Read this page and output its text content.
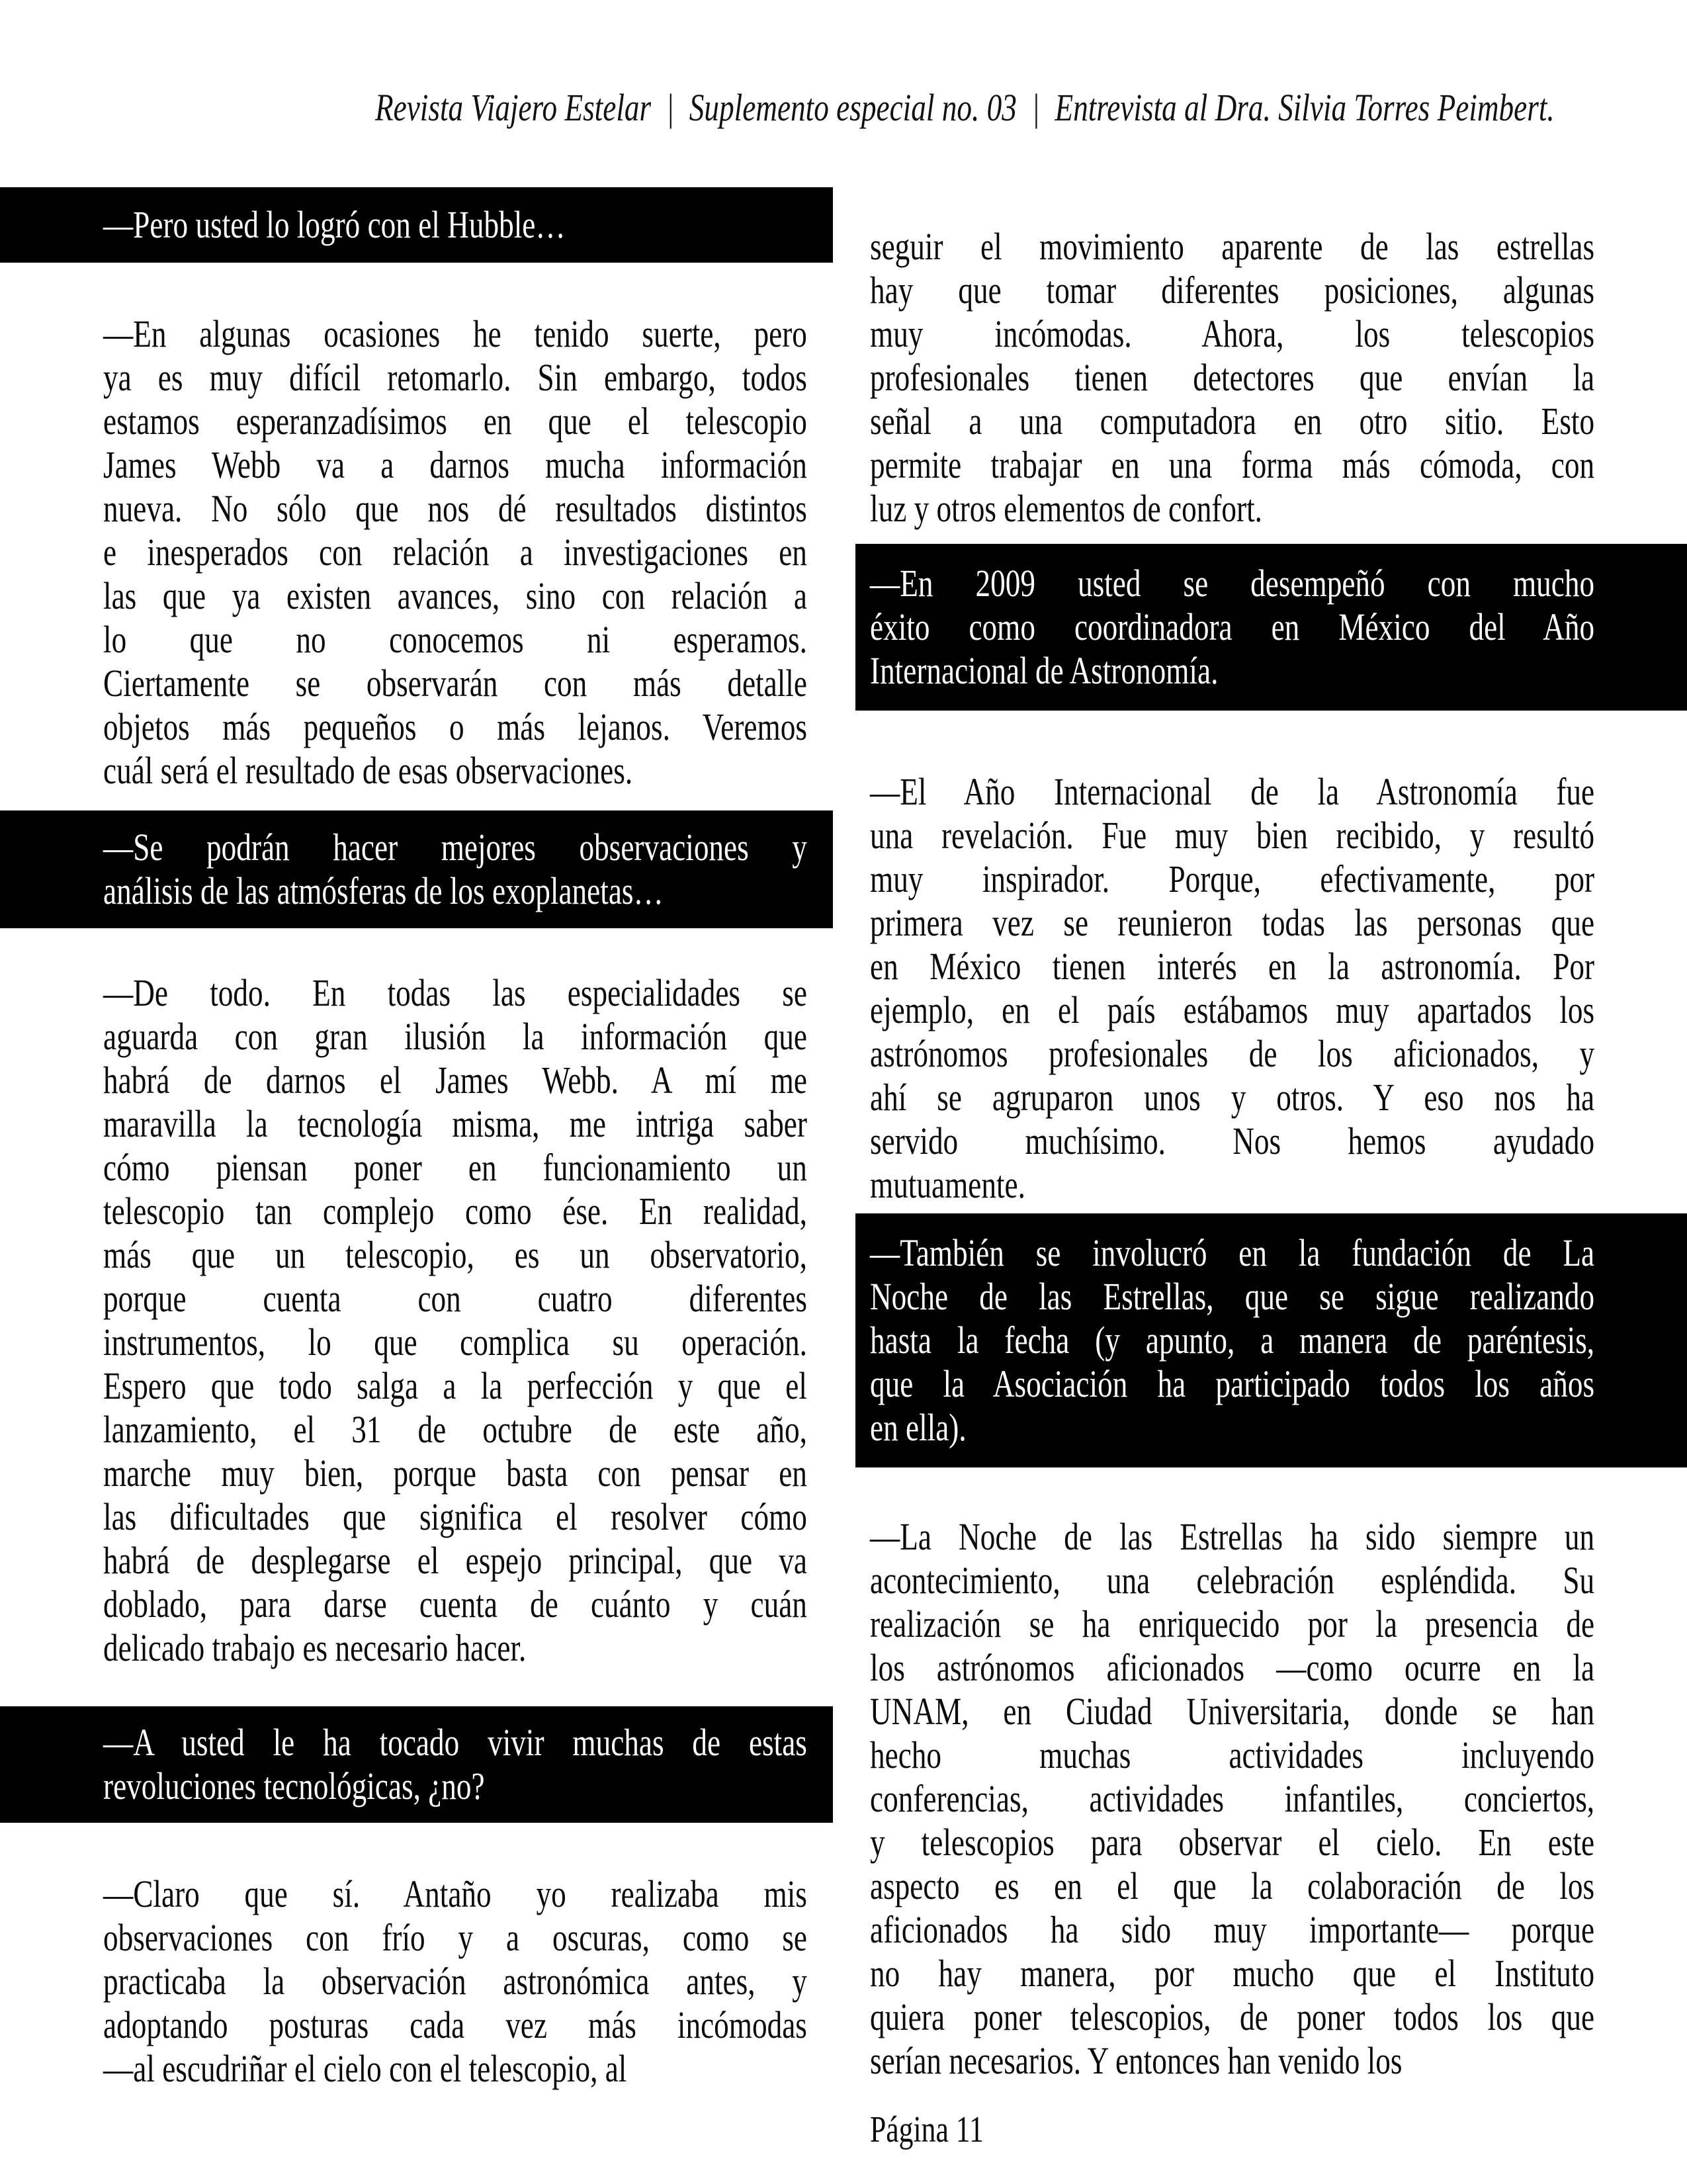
Revista Viajero Estelar  |  Suplemento especial no. 03  |  Entrevista al Dra. Silvia Torres Peimbert.
—Pero usted lo logró con el Hubble…
—En algunas ocasiones he tenido suerte, pero
ya es muy difícil retomarlo. Sin embargo, todos
estamos esperanzadísimos en que el telescopio
James Webb va a darnos mucha información
nueva. No sólo que nos dé resultados distintos
e inesperados con relación a investigaciones en
las que ya existen avances, sino con relación a
lo que no conocemos ni esperamos.
Ciertamente se observarán con más detalle
objetos más pequeños o más lejanos. Veremos
cuál será el resultado de esas observaciones.
—Se podrán hacer mejores observaciones y
análisis de las atmósferas de los exoplanetas…
—De todo. En todas las especialidades se
aguarda con gran ilusión la información que
habrá de darnos el James Webb. A mí me
maravilla la tecnología misma, me intriga saber
cómo piensan poner en funcionamiento un
telescopio tan complejo como ése. En realidad,
más que un telescopio, es un observatorio,
porque cuenta con cuatro diferentes
instrumentos, lo que complica su operación.
Espero que todo salga a la perfección y que el
lanzamiento, el 31 de octubre de este año,
marche muy bien, porque basta con pensar en
las dificultades que significa el resolver cómo
habrá de desplegarse el espejo principal, que va
doblado, para darse cuenta de cuánto y cuán
delicado trabajo es necesario hacer.
—A usted le ha tocado vivir muchas de estas
revoluciones tecnológicas, ¿no?
—Claro que sí. Antaño yo realizaba mis
observaciones con frío y a oscuras, como se
practicaba la observación astronómica antes, y
adoptando posturas cada vez más incómodas
—al escudriñar el cielo con el telescopio, al
seguir el movimiento aparente de las estrellas
hay que tomar diferentes posiciones, algunas
muy incómodas. Ahora, los telescopios
profesionales tienen detectores que envían la
señal a una computadora en otro sitio. Esto
permite trabajar en una forma más cómoda, con
luz y otros elementos de confort.
—En 2009 usted se desempeñó con mucho
éxito como coordinadora en México del Año
Internacional de Astronomía.
—El Año Internacional de la Astronomía fue
una revelación. Fue muy bien recibido, y resultó
muy inspirador. Porque, efectivamente, por
primera vez se reunieron todas las personas que
en México tienen interés en la astronomía. Por
ejemplo, en el país estábamos muy apartados los
astrónomos profesionales de los aficionados, y
ahí se agruparon unos y otros. Y eso nos ha
servido muchísimo. Nos hemos ayudado
mutuamente.
—También se involucró en la fundación de La
Noche de las Estrellas, que se sigue realizando
hasta la fecha (y apunto, a manera de paréntesis,
que la Asociación ha participado todos los años
en ella).
—La Noche de las Estrellas ha sido siempre un
acontecimiento, una celebración espléndida. Su
realización se ha enriquecido por la presencia de
los astrónomos aficionados —como ocurre en la
UNAM, en Ciudad Universitaria, donde se han
hecho muchas actividades incluyendo
conferencias, actividades infantiles, conciertos,
y telescopios para observar el cielo. En este
aspecto es en el que la colaboración de los
aficionados ha sido muy importante— porque
no hay manera, por mucho que el Instituto
quiera poner telescopios, de poner todos los que
serían necesarios. Y entonces han venido los
Página 11
